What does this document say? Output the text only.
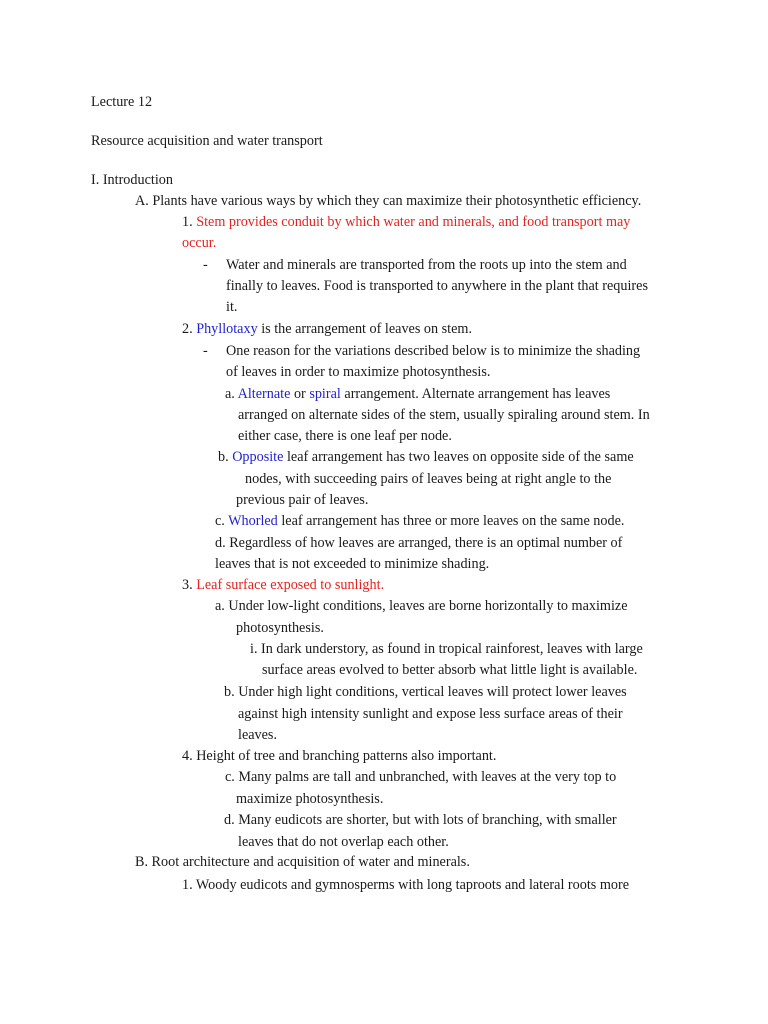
Lecture 12
Resource acquisition and water transport
I. Introduction
A. Plants have various ways by which they can maximize their photosynthetic efficiency.
1. Stem provides conduit by which water and minerals, and food transport may
occur.
- Water and minerals are transported from the roots up into the stem and
finally to leaves. Food is transported to anywhere in the plant that requires
it.
2. Phyllotaxy is the arrangement of leaves on stem.
- One reason for the variations described below is to minimize the shading
of leaves in order to maximize photosynthesis.
a. Alternate or spiral arrangement. Alternate arrangement has leaves
arranged on alternate sides of the stem, usually spiraling around stem. In
either case, there is one leaf per node.
b. Opposite leaf arrangement has two leaves on opposite side of the same
nodes, with succeeding pairs of leaves being at right angle to the
previous pair of leaves.
c. Whorled leaf arrangement has three or more leaves on the same node.
d. Regardless of how leaves are arranged, there is an optimal number of
leaves that is not exceeded to minimize shading.
3. Leaf surface exposed to sunlight.
a. Under low-light conditions, leaves are borne horizontally to maximize
photosynthesis.
i. In dark understory, as found in tropical rainforest, leaves with large
surface areas evolved to better absorb what little light is available.
b. Under high light conditions, vertical leaves will protect lower leaves
against high intensity sunlight and expose less surface areas of their
leaves.
4. Height of tree and branching patterns also important.
c. Many palms are tall and unbranched, with leaves at the very top to
maximize photosynthesis.
d. Many eudicots are shorter, but with lots of branching, with smaller
leaves that do not overlap each other.
B. Root architecture and acquisition of water and minerals.
1. Woody eudicots and gymnosperms with long taproots and lateral roots more
